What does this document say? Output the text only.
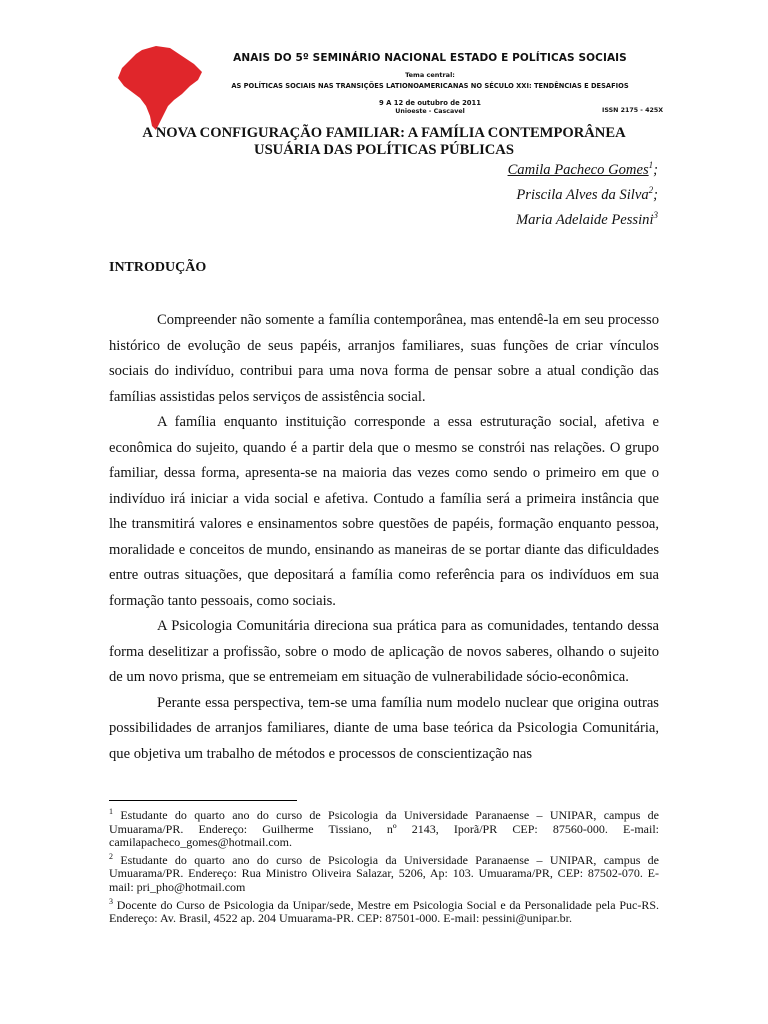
ANAIS DO 5º SEMINÁRIO NACIONAL ESTADO E POLÍTICAS SOCIAIS
Tema central:
AS POLÍTICAS SOCIAIS NAS TRANSIÇÕES LATIONOAMERICANAS NO SÉCULO XXI: TENDÊNCIAS E DESAFIOS
9 A 12 de outubro de 2011
Unioeste - Cascavel	ISSN 2175 - 425X
A NOVA CONFIGURAÇÃO FAMILIAR: A FAMÍLIA CONTEMPORÂNEA
USUÁRIA DAS POLÍTICAS PÚBLICAS
Camila Pacheco Gomes$^1$;
Priscila Alves da Silva$^2$;
Maria Adelaide Pessini$^3$
INTRODUÇÃO

Compreender não somente a família contemporânea, mas entendê-la em seu processo histórico de evolução de seus papéis, arranjos familiares, suas funções de criar vínculos sociais do indivíduo, contribui para uma nova forma de pensar sobre a atual condição das famílias assistidas pelos serviços de assistência social.

A família enquanto instituição corresponde a essa estruturação social, afetiva e econômica do sujeito, quando é a partir dela que o mesmo se constrói nas relações. O grupo familiar, dessa forma, apresenta-se na maioria das vezes como sendo o primeiro em que o indivíduo irá iniciar a vida social e afetiva. Contudo a família será a primeira instância que lhe transmitirá valores e ensinamentos sobre questões de papéis, formação enquanto pessoa, moralidade e conceitos de mundo, ensinando as maneiras de se portar diante das dificuldades entre outras situações, que depositará a família como referência para os indivíduos em sua formação tanto pessoais, como sociais.

A Psicologia Comunitária direciona sua prática para as comunidades, tentando dessa forma deselitizar a profissão, sobre o modo de aplicação de novos saberes, olhando o sujeito de um novo prisma, que se entremeiam em situação de vulnerabilidade sócio-econômica.

Perante essa perspectiva, tem-se uma família num modelo nuclear que origina outras possibilidades de arranjos familiares, diante de uma base teórica da Psicologia Comunitária, que objetiva um trabalho de métodos e processos de conscientização nas

$^1$ Estudante do quarto ano do curso de Psicologia da Universidade Paranaense – UNIPAR, campus de Umuarama/PR. Endereço: Guilherme Tissiano, nº 2143, Iporã/PR CEP: 87560-000. E-mail: camilapacheco_gomes@hotmail.com.

$^2$ Estudante do quarto ano do curso de Psicologia da Universidade Paranaense – UNIPAR, campus de Umuarama/PR. Endereço: Rua Ministro Oliveira Salazar, 5206, Ap: 103. Umuarama/PR, CEP: 87502-070. E-mail: pri_pho@hotmail.com

$^3$ Docente do Curso de Psicologia da Unipar/sede, Mestre em Psicologia Social e da Personalidade pela Puc-RS. Endereço: Av. Brasil, 4522 ap. 204 Umuarama-PR. CEP: 87501-000. E-mail: pessini@unipar.br.
